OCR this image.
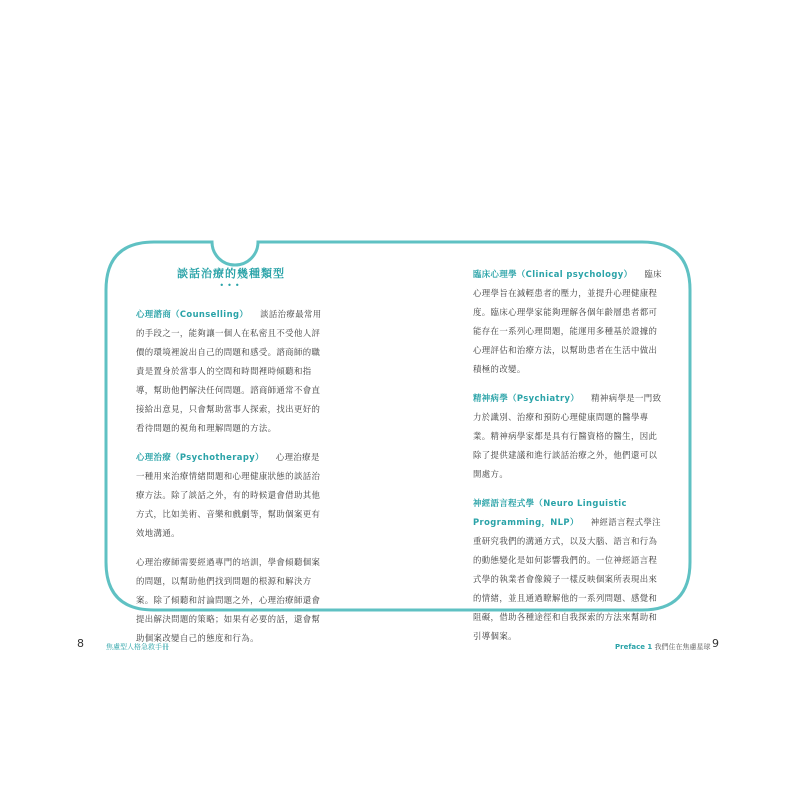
談話治療的幾種類型
•••

心理諮商（Counselling） 談話治療最常用的手段之一，能夠讓一個人在私密且不受他人評價的環境裡說出自己的問題和感受。諮商師的職責是置身於當事人的空間和時間裡時傾聽和指導，幫助他們解決任何問題。諮商師通常不會直接給出意見，只會幫助當事人探索，找出更好的看待問題的視角和理解問題的方法。

心理治療（Psychotherapy） 心理治療是一種用來治療情緒問題和心理健康狀態的談話治療方法。除了談話之外，有的時候還會借助其他方式，比如美術、音樂和戲劇等，幫助個案更有效地溝通。

心理治療師需要經過專門的培訓，學會傾聽個案的問題，以幫助他們找到問題的根源和解決方案。除了傾聽和討論問題之外，心理治療師還會提出解決問題的策略；如果有必要的話，還會幫助個案改變自己的態度和行為。

臨床心理學（Clinical psychology） 臨床心理學旨在減輕患者的壓力，並提升心理健康程度。臨床心理學家能夠理解各個年齡層患者都可能存在一系列心理問題，能運用多種基於證據的心理評估和治療方法，以幫助患者在生活中做出積極的改變。

精神病學（Psychiatry） 精神病學是一門致力於識別、治療和預防心理健康問題的醫學專業。精神病學家都是具有行醫資格的醫生，因此除了提供建議和進行談話治療之外，他們還可以開處方。

神經語言程式學（Neuro Linguistic Programming，NLP） 神經語言程式學注重研究我們的溝通方式，以及大腦、語言和行為的動態變化是如何影響我們的。一位神經語言程式學的執業者會像鏡子一樣反映個案所表現出來的情緒，並且通過瞭解他的一系列問題、感覺和阻礙，借助各種途徑和自我探索的方法來幫助和引導個案。

8	焦慮型人格急救手冊	Preface 1 我們住在焦慮星球 9
